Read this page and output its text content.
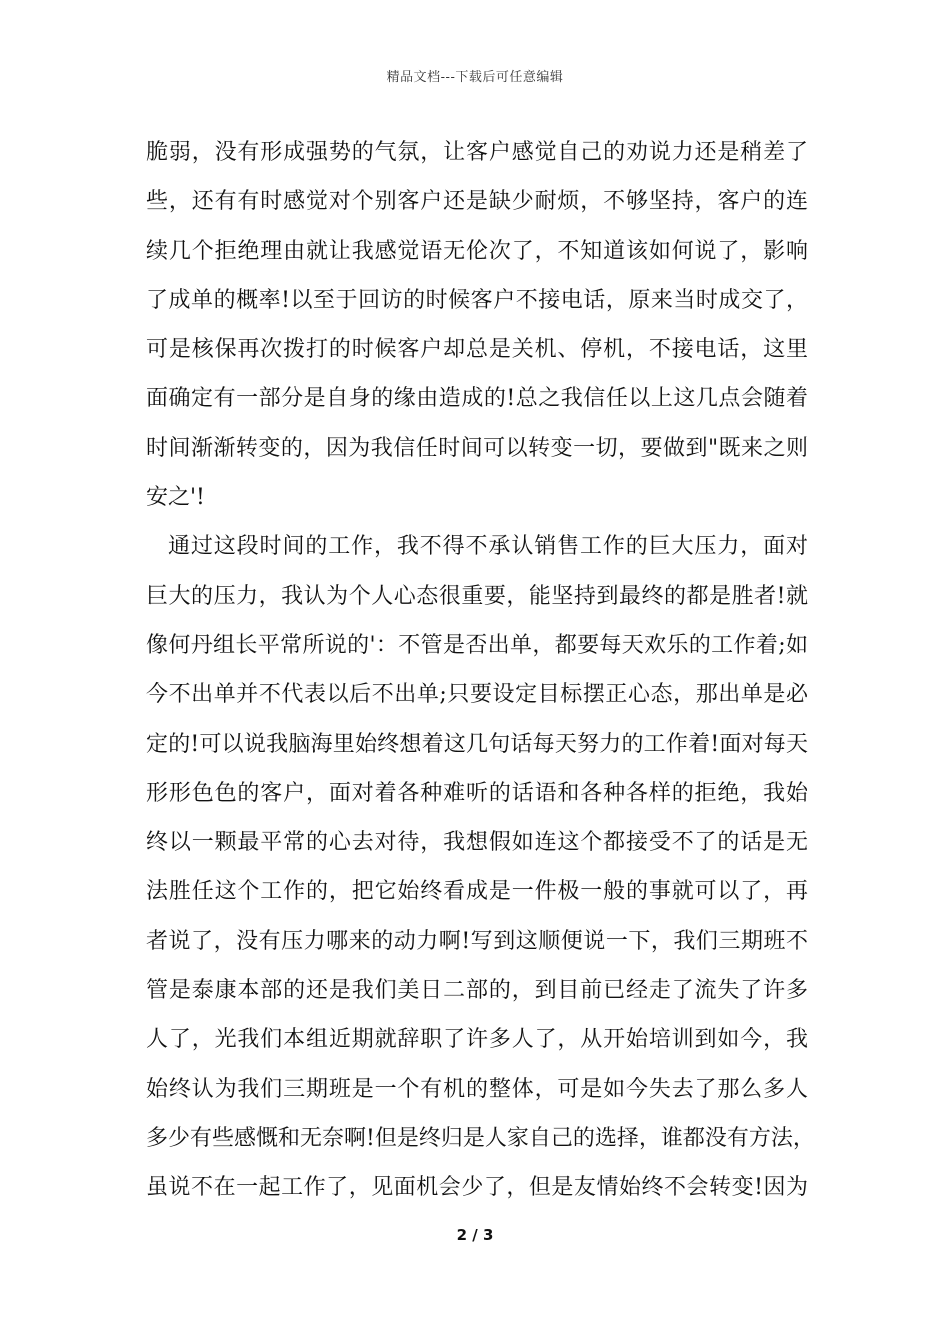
精品文档---下载后可任意编辑
脆弱，没有形成强势的气氛，让客户感觉自己的劝说力还是稍差了
些，还有有时感觉对个别客户还是缺少耐烦，不够坚持，客户的连
续几个拒绝理由就让我感觉语无伦次了，不知道该如何说了，影响
了成单的概率!以至于回访的时候客户不接电话，原来当时成交了，
可是核保再次拨打的时候客户却总是关机、停机，不接电话，这里
面确定有一部分是自身的缘由造成的!总之我信任以上这几点会随着
时间渐渐转变的，因为我信任时间可以转变一切，要做到"既来之则
安之'!
通过这段时间的工作，我不得不承认销售工作的巨大压力，面对
巨大的压力，我认为个人心态很重要，能坚持到最终的都是胜者!就
像何丹组长平常所说的'：不管是否出单，都要每天欢乐的工作着;如
今不出单并不代表以后不出单;只要设定目标摆正心态，那出单是必
定的!可以说我脑海里始终想着这几句话每天努力的工作着!面对每天
形形色色的客户，面对着各种难听的话语和各种各样的拒绝，我始
终以一颗最平常的心去对待，我想假如连这个都接受不了的话是无
法胜任这个工作的，把它始终看成是一件极一般的事就可以了，再
者说了，没有压力哪来的动力啊!写到这顺便说一下，我们三期班不
管是泰康本部的还是我们美日二部的，到目前已经走了流失了许多
人了，光我们本组近期就辞职了许多人了，从开始培训到如今，我
始终认为我们三期班是一个有机的整体，可是如今失去了那么多人
多少有些感慨和无奈啊!但是终归是人家自己的选择，谁都没有方法，
虽说不在一起工作了，见面机会少了，但是友情始终不会转变!因为
2 / 3
